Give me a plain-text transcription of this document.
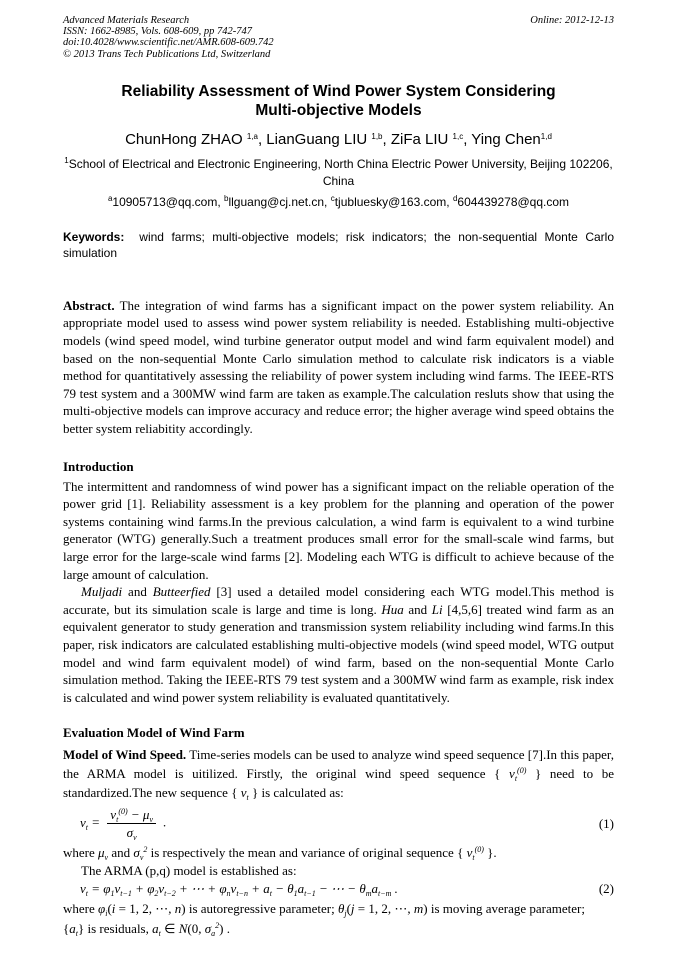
Advanced Materials Research
ISSN: 1662-8985, Vols. 608-609, pp 742-747
doi:10.4028/www.scientific.net/AMR.608-609.742
© 2013 Trans Tech Publications Ltd, Switzerland
Online: 2012-12-13
Reliability Assessment of Wind Power System Considering
Multi-objective Models
ChunHong ZHAO $^{1,a}$, LianGuang LIU $^{1,b}$, ZiFa LIU $^{1,c}$, Ying Chen$^{1,d}$
$^1$School of Electrical and Electronic Engineering, North China Electric Power University, Beijing 102206, China
$^a$10905713@qq.com, $^b$llguang@cj.net.cn, $^c$tjubluesky@163.com, $^d$604439278@qq.com
Keywords: wind farms; multi-objective models; risk indicators; the non-sequential Monte Carlo simulation
Abstract. The integration of wind farms has a significant impact on the power system reliability. An appropriate model used to assess wind power system reliability is needed. Establishing multi-objective models (wind speed model, wind turbine generator output model and wind farm equivalent model) and based on the non-sequential Monte Carlo simulation method to calculate risk indicators is a viable method for quantitatively assessing the reliability of power system including wind farms. The IEEE-RTS 79 test system and a 300MW wind farm are taken as example.The calculation resluts show that using the multi-objective models can improve accuracy and reduce error; the higher average wind speed obtains the better system reliabitity accordingly.
Introduction

The intermittent and randomness of wind power has a significant impact on the reliable operation of the power grid [1]. Reliability assessment is a key problem for the planning and operation of the power systems containing wind farms.In the previous calculation, a wind farm is equivalent to a wind turbine generator (WTG) generally.Such a treatment produces small error for the small-scale wind farms, but large error for the large-scale wind farms [2]. Modeling each WTG is difficult to achieve because of the large amount of calculation.

Muljadi and Butteerfied [3] used a detailed model considering each WTG model.This method is accurate, but its simulation scale is large and time is long. Hua and Li [4,5,6] treated wind farm as an equivalent generator to study generation and transmission system reliability including wind farms.In this paper, risk indicators are calculated establishing multi-objective models (wind speed model, WTG output model and wind farm equivalent model) of wind farm, based on the non-sequential Monte Carlo simulation method. Taking the IEEE-RTS 79 test system and a 300MW wind farm as example, risk index is calculated and wind power system reliability is evaluated quantitatively.

Evaluation Model of Wind Farm
Model of Wind Speed. Time-series models can be used to analyze wind speed sequence [7].In this paper, the ARMA model is uitilized. Firstly, the original wind speed sequence { $v_t^{(0)}$ } need to be standardized.The new sequence { $v_t$ } is calculated as:
$v_t = \frac{v_t^{(0)} - \mu_v}{\sigma_v}$ .	(1)
where $\mu_v$ and $\sigma_v^2$ is respectively the mean and variance of original sequence { $v_t^{(0)}$ }.
The ARMA (p,q) model is established as:
$v_t = \varphi_1v_{t-1} + \varphi_2v_{t-2}$ + ⋯ + $\varphi_nv_{t-n} + a_t - \theta_1a_{t-1}$ − ⋯ − $\theta_ma_{t-m}$ .	(2)
where $\varphi_i(i = 1$, 2, ⋯, n) is autoregressive parameter; $\theta_j(j = 1$, 2, ⋯, m) is moving average parameter;
$\{a_t\}$ is residuals, $a_t$ ∈ N(0, $\sigma_a^2$) .
